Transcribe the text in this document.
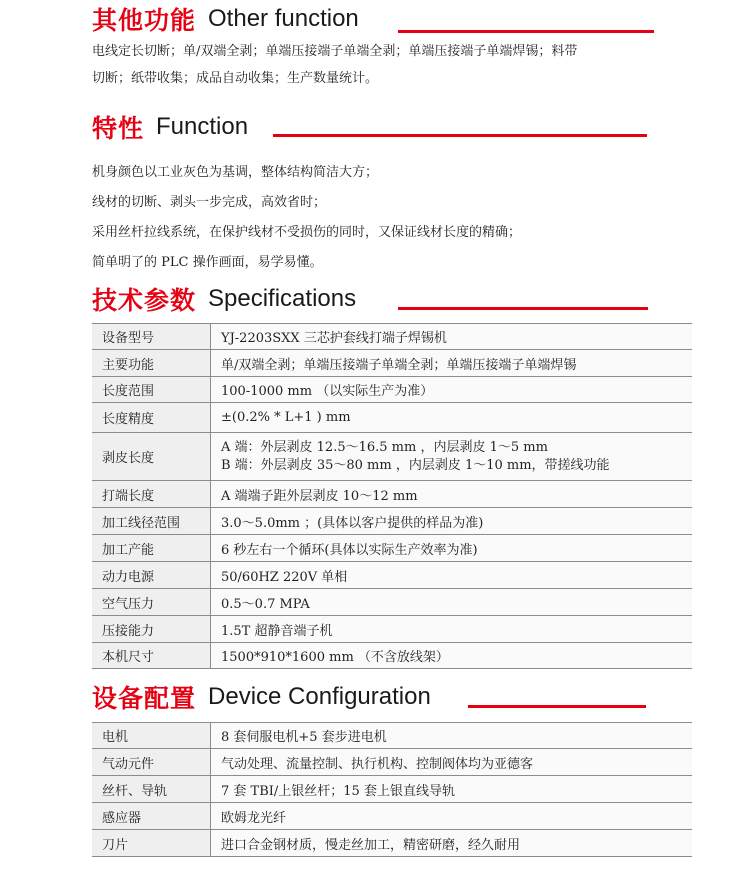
其他功能 Other function

电线定长切断；单/双端全剥；单端压接端子单端全剥；单端压接端子单端焊锡；料带

切断；纸带收集；成品自动收集；生产数量统计。

特性 Function

机身颜色以工业灰色为基调，整体结构简洁大方；

线材的切断、剥头一步完成，高效省时；

采用丝杆拉线系统，在保护线材不受损伤的同时，又保证线材长度的精确；

简单明了的 PLC 操作画面，易学易懂。

技术参数 Specifications
设备型号	YJ-2203SXX 三芯护套线打端子焊锡机
主要功能	单/双端全剥；单端压接端子单端全剥；单端压接端子单端焊锡
长度范围	100-1000 mm （以实际生产为准）
长度精度	±(0.2% * L+1 ) mm
剥皮长度	A 端：外层剥皮 12.5～16.5 mm ，内层剥皮 1～5 mm
B 端：外层剥皮 35～80 mm ，内层剥皮 1～10 mm，带搓线功能

打端长度	A 端端子距外层剥皮 10～12 mm
加工线径范围	3.0～5.0mm ；(具体以客户提供的样品为准)
加工产能	6 秒左右一个循环(具体以实际生产效率为准)
动力电源	50/60HZ 220V 单相
空气压力	0.5～0.7 MPA
压接能力	1.5T 超静音端子机
本机尺寸	1500*910*1600 mm （不含放线架）
设备配置 Device Configuration
电机	8 套伺服电机+5 套步进电机
气动元件	气动处理、流量控制、执行机构、控制阀体均为亚德客
丝杆、导轨	7 套 TBI/上银丝杆；15 套上银直线导轨
感应器	欧姆龙光纤
刀片	进口合金钢材质，慢走丝加工，精密研磨，经久耐用
